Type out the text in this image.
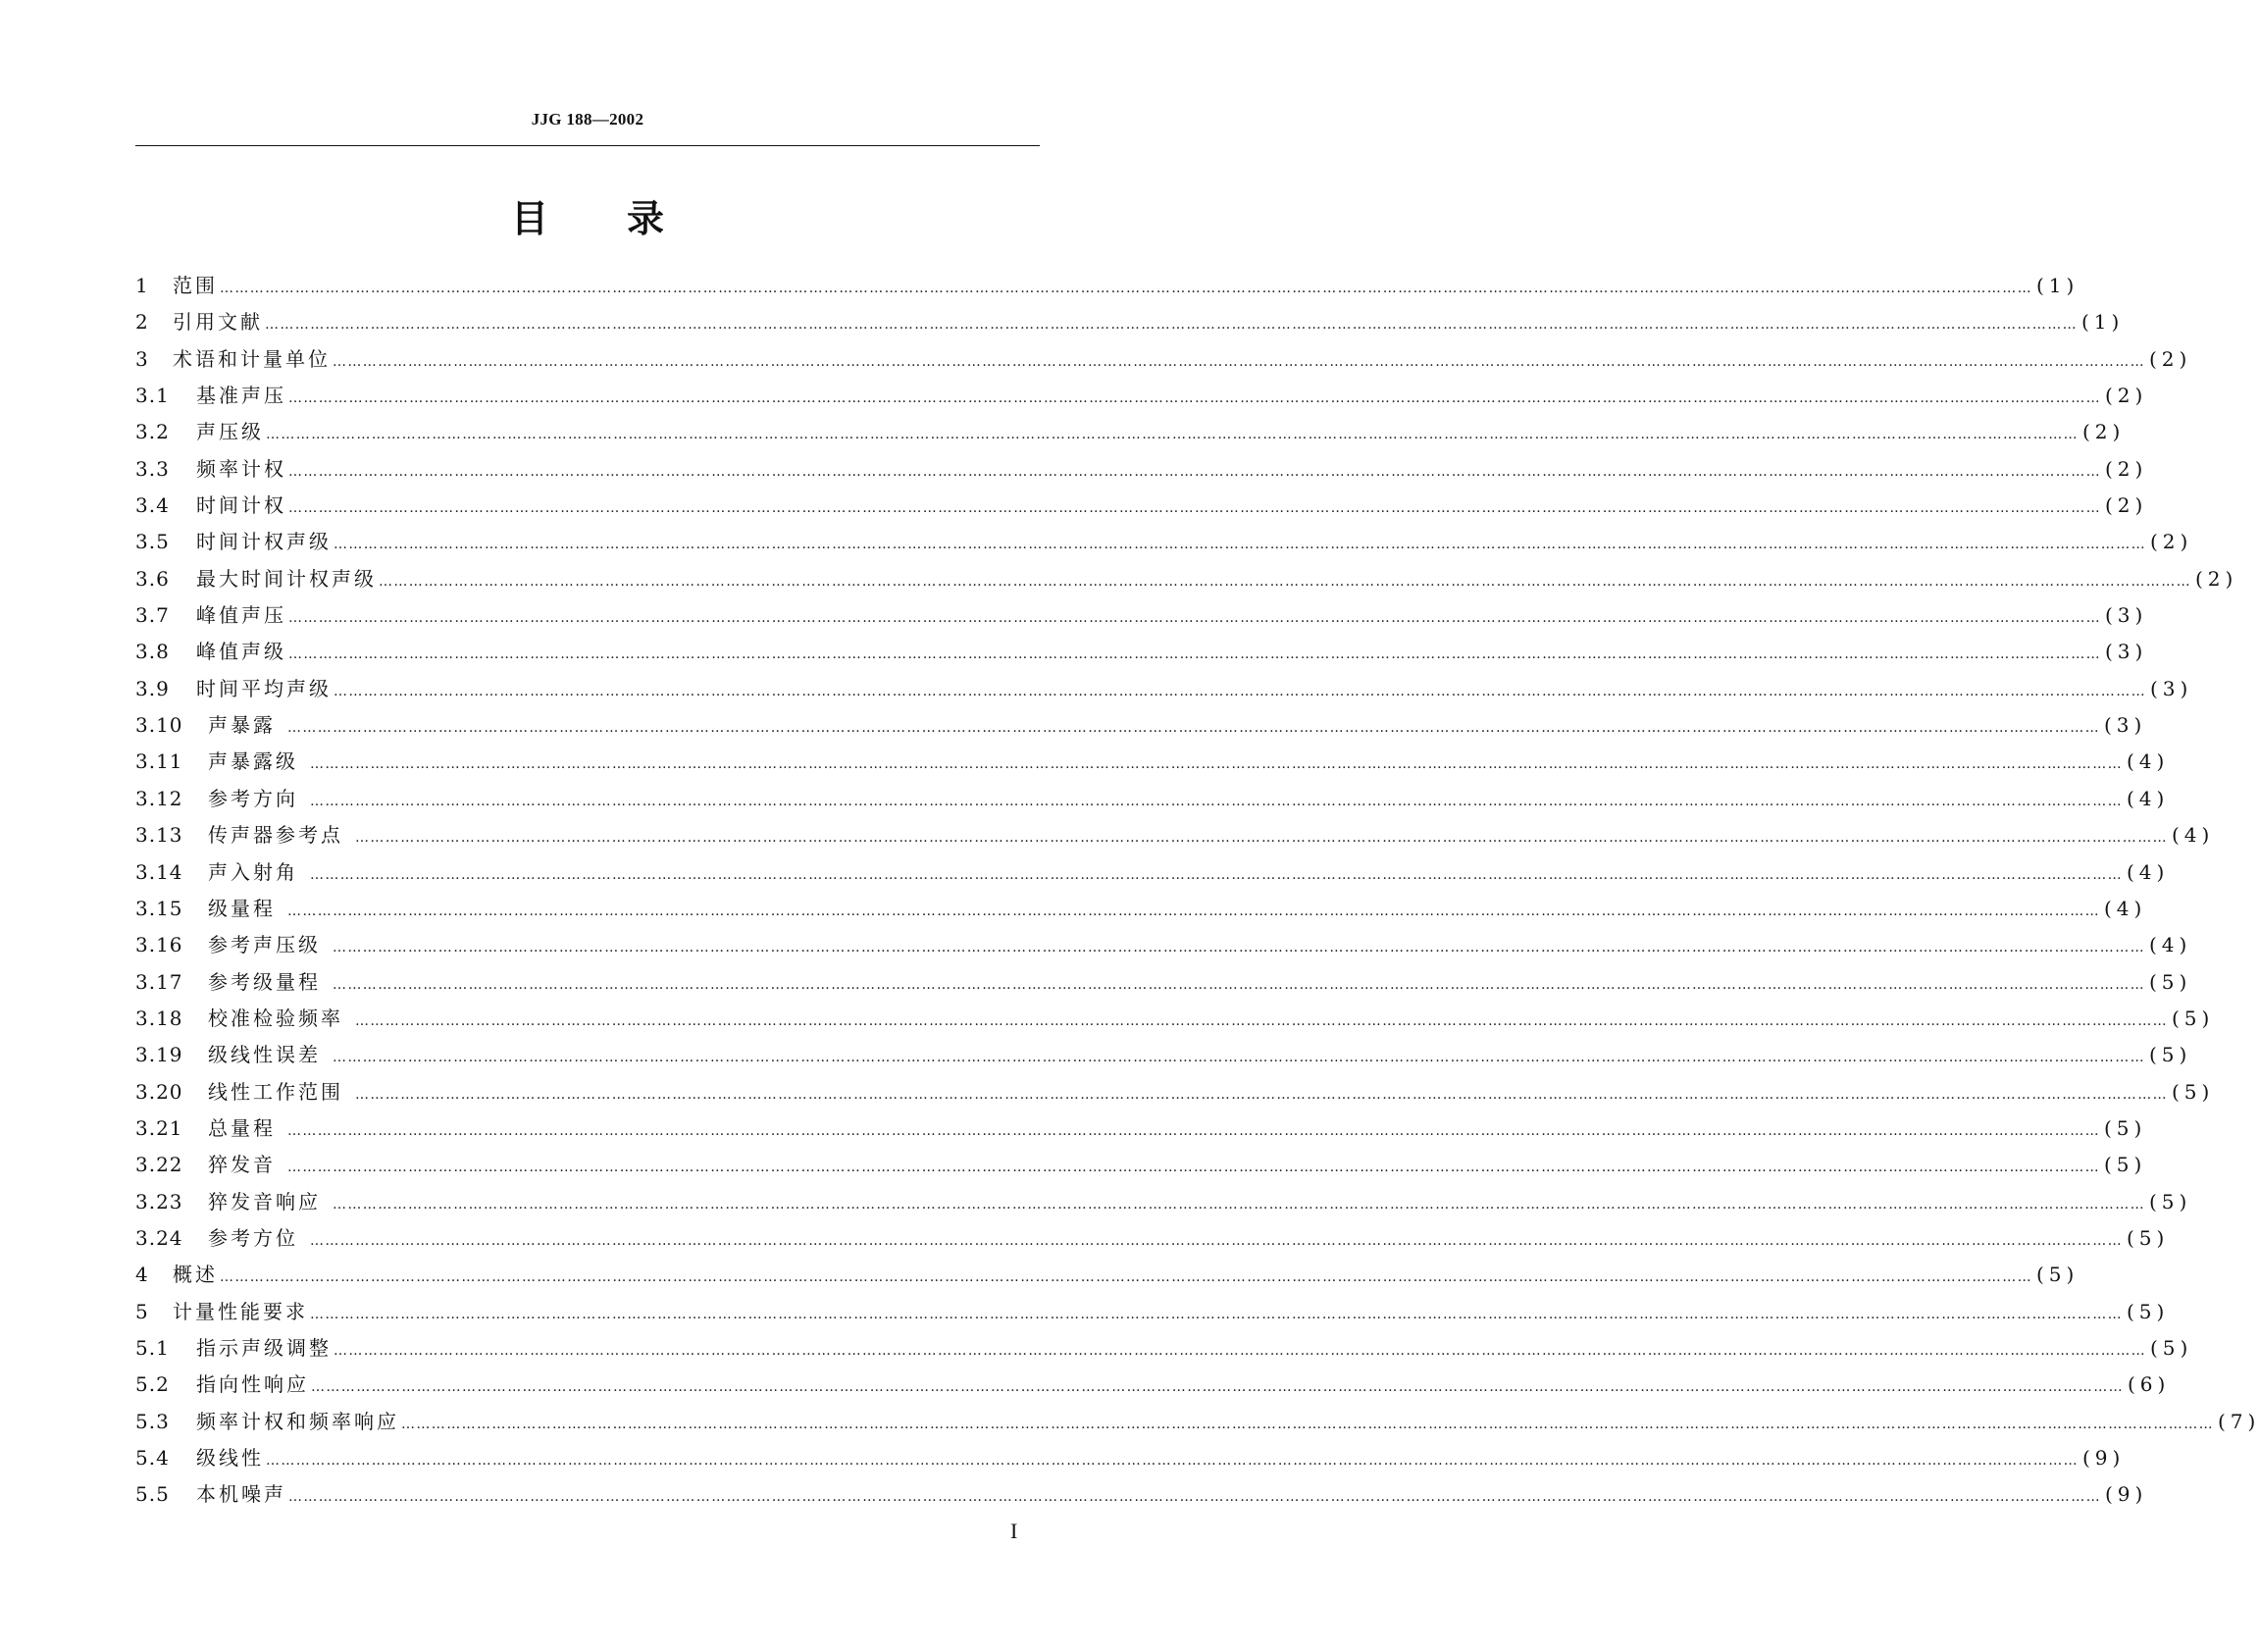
JJG 188—2002
目录
1	范围 ……………………………………………………………………………………………………………………………………………………………………………………………………………………………………………………………………………………………………………………………… (1)
2	引用文献 ……………………………………………………………………………………………………………………………………………………………………………………………………………………………………………………………………………………………………………………………… (1)
3	术语和计量单位 ……………………………………………………………………………………………………………………………………………………………………………………………………………………………………………………………………………………………………………………………… (2)
3.1	基准声压 ……………………………………………………………………………………………………………………………………………………………………………………………………………………………………………………………………………………………………………………………… (2)
3.2	声压级 ……………………………………………………………………………………………………………………………………………………………………………………………………………………………………………………………………………………………………………………………… (2)
3.3	频率计权 ……………………………………………………………………………………………………………………………………………………………………………………………………………………………………………………………………………………………………………………………… (2)
3.4	时间计权 ……………………………………………………………………………………………………………………………………………………………………………………………………………………………………………………………………………………………………………………………… (2)
3.5	时间计权声级 ……………………………………………………………………………………………………………………………………………………………………………………………………………………………………………………………………………………………………………………………… (2)
3.6	最大时间计权声级 ……………………………………………………………………………………………………………………………………………………………………………………………………………………………………………………………………………………………………………………………… (2)
3.7	峰值声压 ……………………………………………………………………………………………………………………………………………………………………………………………………………………………………………………………………………………………………………………………… (3)
3.8	峰值声级 ……………………………………………………………………………………………………………………………………………………………………………………………………………………………………………………………………………………………………………………………… (3)
3.9	时间平均声级 ……………………………………………………………………………………………………………………………………………………………………………………………………………………………………………………………………………………………………………………………… (3)
3.10	声暴露 ……………………………………………………………………………………………………………………………………………………………………………………………………………………………………………………………………………………………………………………………… (3)
3.11	声暴露级 ……………………………………………………………………………………………………………………………………………………………………………………………………………………………………………………………………………………………………………………………… (4)
3.12	参考方向 ……………………………………………………………………………………………………………………………………………………………………………………………………………………………………………………………………………………………………………………………… (4)
3.13	传声器参考点 ……………………………………………………………………………………………………………………………………………………………………………………………………………………………………………………………………………………………………………………………… (4)
3.14	声入射角 ……………………………………………………………………………………………………………………………………………………………………………………………………………………………………………………………………………………………………………………………… (4)
3.15	级量程 ……………………………………………………………………………………………………………………………………………………………………………………………………………………………………………………………………………………………………………………………… (4)
3.16	参考声压级 ……………………………………………………………………………………………………………………………………………………………………………………………………………………………………………………………………………………………………………………………… (4)
3.17	参考级量程 ……………………………………………………………………………………………………………………………………………………………………………………………………………………………………………………………………………………………………………………………… (5)
3.18	校准检验频率 ……………………………………………………………………………………………………………………………………………………………………………………………………………………………………………………………………………………………………………………………… (5)
3.19	级线性误差 ……………………………………………………………………………………………………………………………………………………………………………………………………………………………………………………………………………………………………………………………… (5)
3.20	线性工作范围 ……………………………………………………………………………………………………………………………………………………………………………………………………………………………………………………………………………………………………………………………… (5)
3.21	总量程 ……………………………………………………………………………………………………………………………………………………………………………………………………………………………………………………………………………………………………………………………… (5)
3.22	猝发音 ……………………………………………………………………………………………………………………………………………………………………………………………………………………………………………………………………………………………………………………………… (5)
3.23	猝发音响应 ……………………………………………………………………………………………………………………………………………………………………………………………………………………………………………………………………………………………………………………………… (5)
3.24	参考方位 ……………………………………………………………………………………………………………………………………………………………………………………………………………………………………………………………………………………………………………………………… (5)
4	概述 ……………………………………………………………………………………………………………………………………………………………………………………………………………………………………………………………………………………………………………………………… (5)
5	计量性能要求 ……………………………………………………………………………………………………………………………………………………………………………………………………………………………………………………………………………………………………………………………… (5)
5.1	指示声级调整 ……………………………………………………………………………………………………………………………………………………………………………………………………………………………………………………………………………………………………………………………… (5)
5.2	指向性响应 ……………………………………………………………………………………………………………………………………………………………………………………………………………………………………………………………………………………………………………………………… (6)
5.3	频率计权和频率响应 ……………………………………………………………………………………………………………………………………………………………………………………………………………………………………………………………………………………………………………………………… (7)
5.4	级线性 ……………………………………………………………………………………………………………………………………………………………………………………………………………………………………………………………………………………………………………………………… (9)
5.5	本机噪声 ……………………………………………………………………………………………………………………………………………………………………………………………………………………………………………………………………………………………………………………………… (9)
I
